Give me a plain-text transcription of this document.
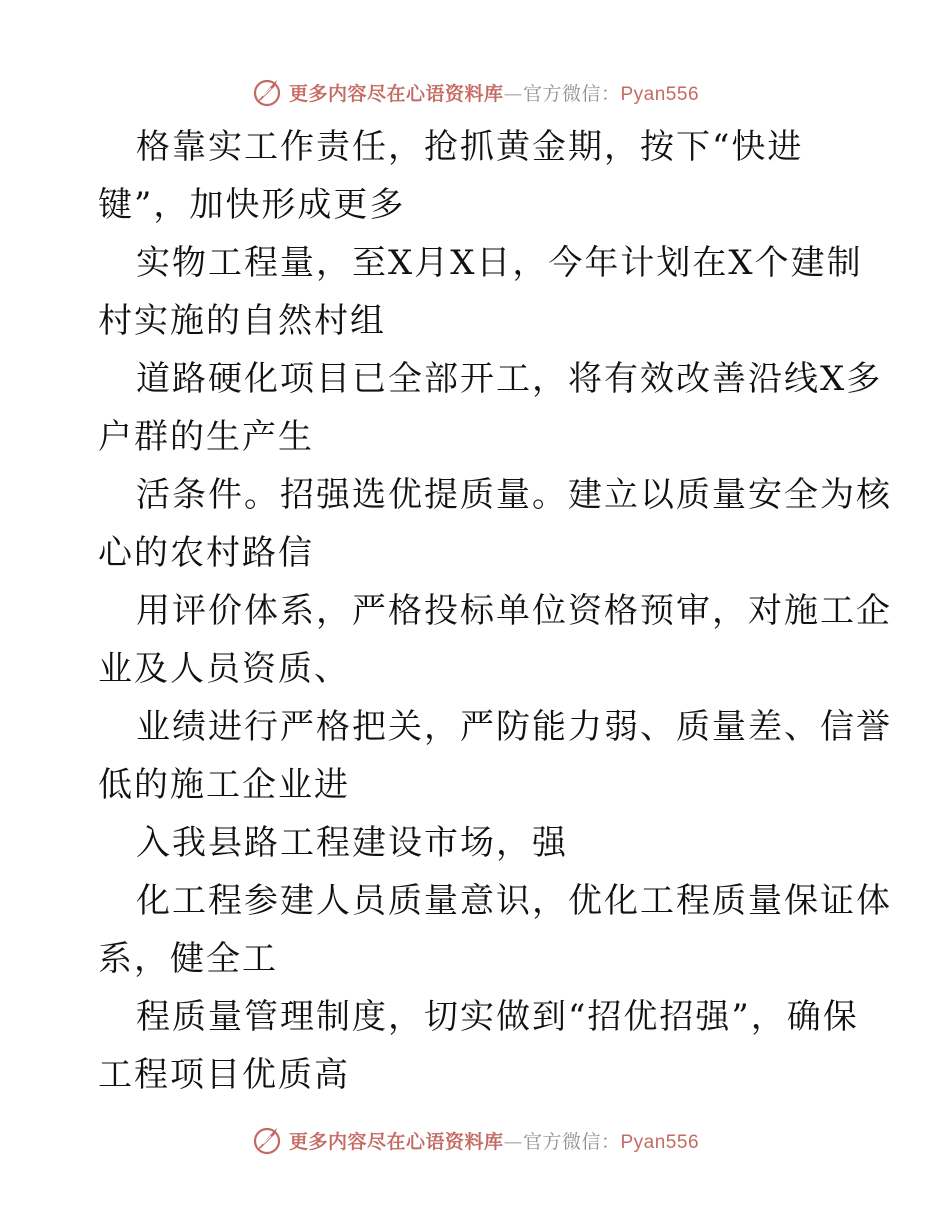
更多内容尽在心语资料库—官方微信：Pyan556
格靠实工作责任，抢抓黄金期，按下“快进
键”，加快形成更多
实物工程量，至X月X日，今年计划在X个建制
村实施的自然村组
道路硬化项目已全部开工，将有效改善沿线X多
户群的生产生
活条件。招强选优提质量。建立以质量安全为核
心的农村路信
用评价体系，严格投标单位资格预审，对施工企
业及人员资质、
业绩进行严格把关，严防能力弱、质量差、信誉
低的施工企业进
入我县路工程建设市场，强
化工程参建人员质量意识，优化工程质量保证体
系，健全工
程质量管理制度，切实做到“招优招强”，确保
工程项目优质高
更多内容尽在心语资料库—官方微信：Pyan556
